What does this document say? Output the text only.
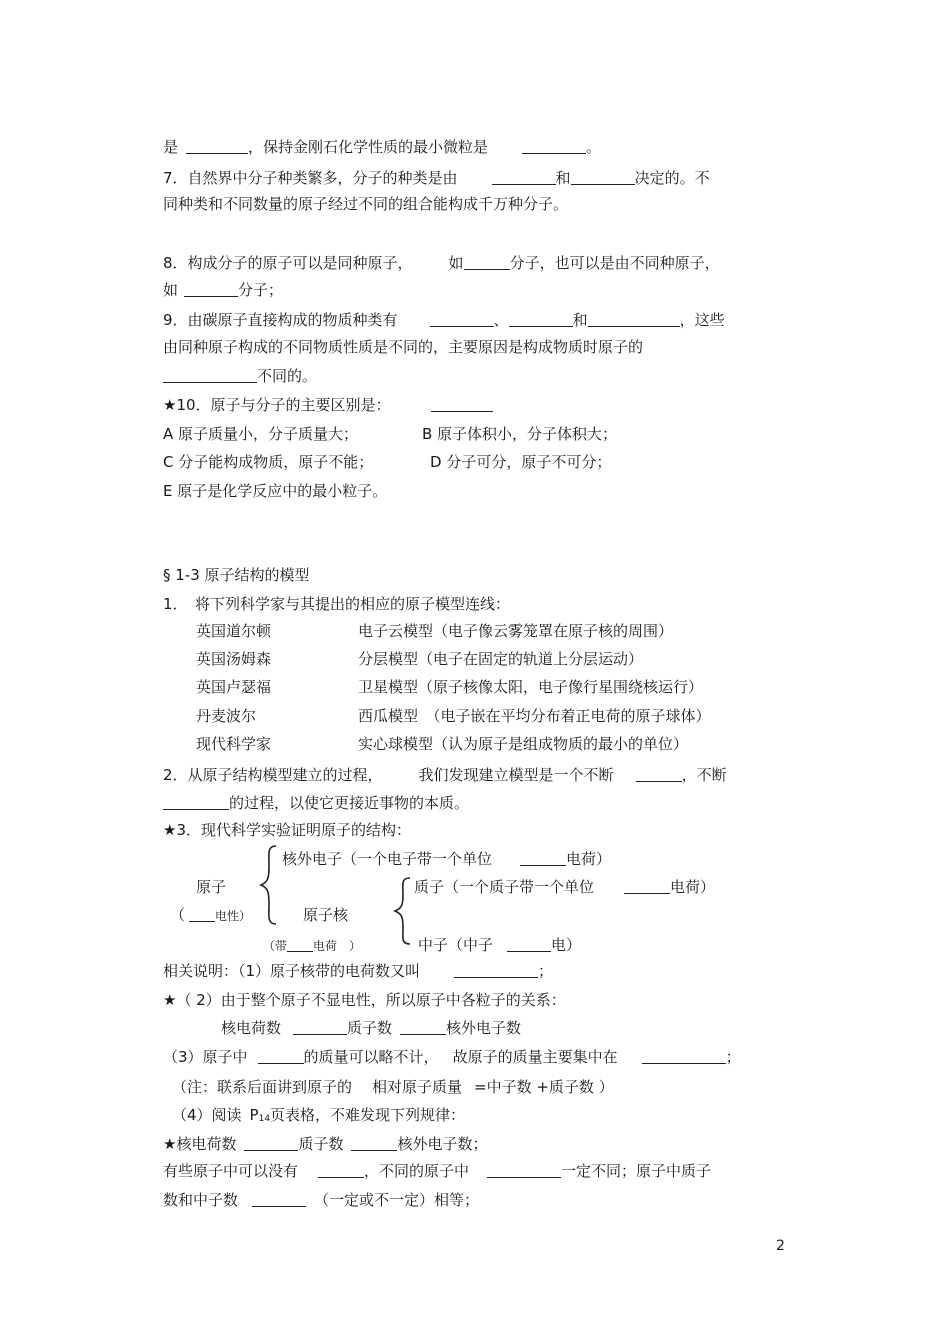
是	，保持金刚石化学性质的最小微粒是	。
7．自然界中分子种类繁多，分子的种类是由	和	决定的。不
同种类和不同数量的原子经过不同的组合能构成千万种分子。
8．构成分子的原子可以是同种原子， 如	分子，也可以是由不同种原子，
如	分子；
9．由碳原子直接构成的物质种类有	、	和	，这些
由同种原子构成的不同物质性质是不同的，主要原因是构成物质时原子的
不同的。
★10．原子与分子的主要区别是：
A 原子质量小，分子质量大；	B 原子体积小，分子体积大；
C 分子能构成物质，原子不能；	D 分子可分，原子不可分；
E 原子是化学反应中的最小粒子。
§ 1-3 原子结构的模型
1．　将下列科学家与其提出的相应的原子模型连线：
英国道尔顿	电子云模型（电子像云雾笼罩在原子核的周围）
英国汤姆森	分层模型（电子在固定的轨道上分层运动）
英国卢瑟福	卫星模型（原子核像太阳，电子像行星围绕核运行）
丹麦波尔	西瓜模型　（电子嵌在平均分布着正电荷的原子球体）
现代科学家	实心球模型（认为原子是组成物质的最小的单位）
2．从原子结构模型建立的过程， 我们发现建立模型是一个不断	，不断
的过程，以使它更接近事物的本质。
★3．现代科学实验证明原子的结构：
核外电子（一个电子带一个单位	电荷）
原子	质子（一个质子带一个单位	电荷）
（	电性）	原子核
（带 电荷　）	中子（中子	电）
相关说明：（1）原子核带的电荷数又叫	；
★（ 2）由于整个原子不显电性，所以原子中各粒子的关系：
核电荷数	质子数	核外电子数
（3）原子中	的质量可以略不计， 故原子的质量主要集中在	；
（注：联系后面讲到原子的 相对原子质量 =中子数 +质子数 ）
（4）阅读 P14页表格，不难发现下列规律：
★核电荷数	质子数	核外电子数；
有些原子中可以没有	，不同的原子中	一定不同；原子中质子
数和中子数	（一定或不一定）相等；
2
